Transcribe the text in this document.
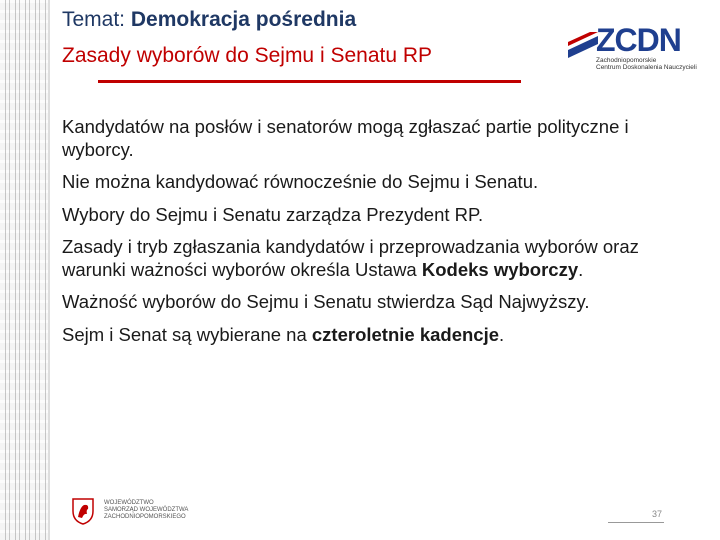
Temat: Demokracja pośrednia
Zasady wyborów do Sejmu i Senatu RP	ZCDN
Zachodniopomorskie
Centrum Doskonalenia Nauczycieli

Kandydatów na posłów i senatorów mogą zgłaszać partie polityczne i wyborcy.

Nie można kandydować równocześnie do Sejmu i Senatu.

Wybory do Sejmu i Senatu zarządza Prezydent RP.

Zasady i tryb zgłaszania kandydatów i przeprowadzania wyborów oraz warunki ważności wyborów określa Ustawa Kodeks wyborczy.

Ważność wyborów do Sejmu i Senatu stwierdza Sąd Najwyższy.

Sejm i Senat są wybierane na czteroletnie kadencje.

WOJEWÓDZTWO
SAMORZĄD WOJEWÓDZTWA
ZACHODNIOPOMORSKIEGO	37
